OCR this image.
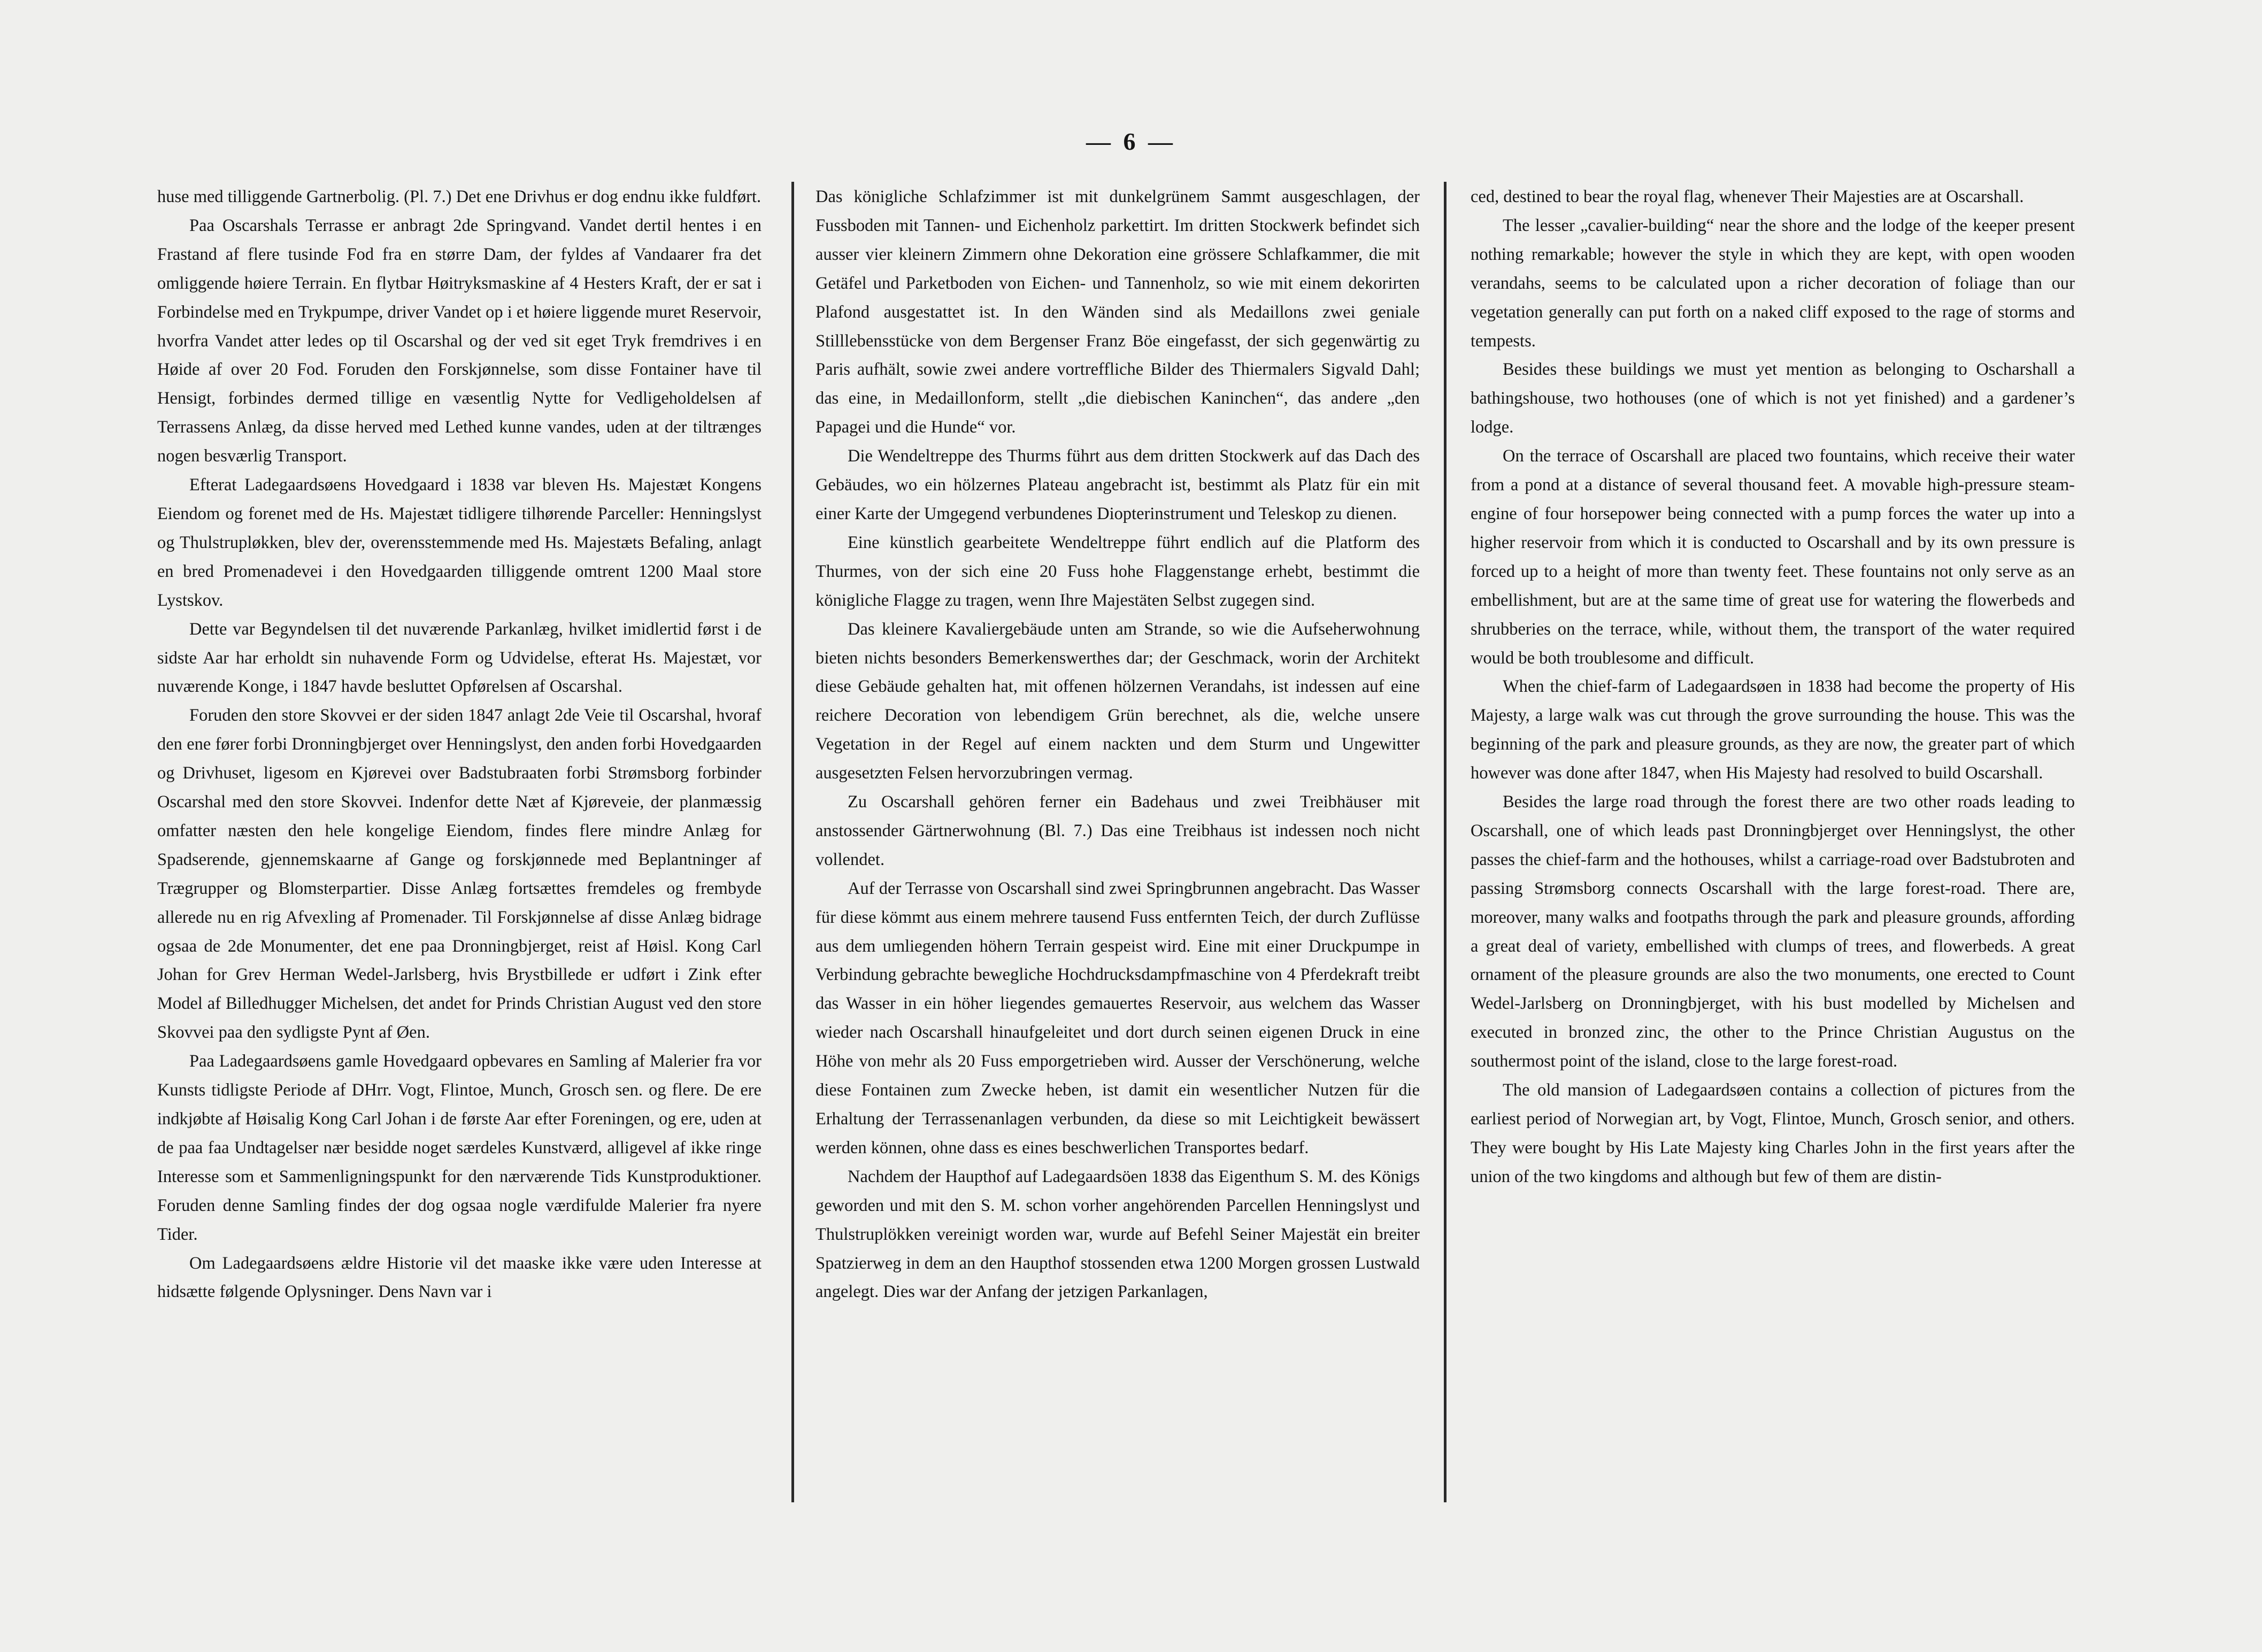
— 6 —

huse med tilliggende Gartnerbolig. (Pl. 7.) Det ene Drivhus er dog endnu ikke fuldført.

Paa Oscarshals Terrasse er anbragt 2de Springvand. Vandet dertil hentes i en Frastand af flere tusinde Fod fra en større Dam, der fyldes af Vandaarer fra det omliggende høiere Terrain. En flytbar Høitryksmaskine af 4 Hesters Kraft, der er sat i Forbindelse med en Trykpumpe, driver Vandet op i et høiere liggende muret Reservoir, hvorfra Vandet atter ledes op til Oscarshal og der ved sit eget Tryk fremdrives i en Høide af over 20 Fod. Foruden den Forskjønnelse, som disse Fontainer have til Hensigt, forbindes dermed tillige en væsentlig Nytte for Vedligeholdelsen af Terrassens Anlæg, da disse herved med Lethed kunne vandes, uden at der tiltrænges nogen besværlig Transport.

Efterat Ladegaardsøens Hovedgaard i 1838 var bleven Hs. Majestæt Kongens Eiendom og forenet med de Hs. Majestæt tidligere tilhørende Parceller: Henningslyst og Thulstrupløkken, blev der, overensstemmende med Hs. Majestæts Befaling, anlagt en bred Promenadevei i den Hovedgaarden tilliggende omtrent 1200 Maal store Lystskov.

Dette var Begyndelsen til det nuværende Parkanlæg, hvilket imidlertid først i de sidste Aar har erholdt sin nuhavende Form og Udvidelse, efterat Hs. Majestæt, vor nuværende Konge, i 1847 havde besluttet Opførelsen af Oscarshal.

Foruden den store Skovvei er der siden 1847 anlagt 2de Veie til Oscarshal, hvoraf den ene fører forbi Dronningbjerget over Henningslyst, den anden forbi Hovedgaarden og Drivhuset, ligesom en Kjørevei over Badstubraaten forbi Strømsborg forbinder Oscarshal med den store Skovvei. Indenfor dette Næt af Kjøreveie, der planmæssig omfatter næsten den hele kongelige Eiendom, findes flere mindre Anlæg for Spadserende, gjennemskaarne af Gange og forskjønnede med Beplantninger af Trægrupper og Blomsterpartier. Disse Anlæg fortsættes fremdeles og frembyde allerede nu en rig Afvexling af Promenader. Til Forskjønnelse af disse Anlæg bidrage ogsaa de 2de Monumenter, det ene paa Dronningbjerget, reist af Høisl. Kong Carl Johan for Grev Herman Wedel-Jarlsberg, hvis Brystbillede er udført i Zink efter Model af Billedhugger Michelsen, det andet for Prinds Christian August ved den store Skovvei paa den sydligste Pynt af Øen.

Paa Ladegaardsøens gamle Hovedgaard opbevares en Samling af Malerier fra vor Kunsts tidligste Periode af DHrr. Vogt, Flintoe, Munch, Grosch sen. og flere. De ere indkjøbte af Høisalig Kong Carl Johan i de første Aar efter Foreningen, og ere, uden at de paa faa Undtagelser nær besidde noget særdeles Kunstværd, alligevel af ikke ringe Interesse som et Sammenligningspunkt for den nærværende Tids Kunstproduktioner. Foruden denne Samling findes der dog ogsaa nogle værdifulde Malerier fra nyere Tider.

Om Ladegaardsøens ældre Historie vil det maaske ikke være uden Interesse at hidsætte følgende Oplysninger. Dens Navn var i

Das königliche Schlafzimmer ist mit dunkelgrünem Sammt ausgeschlagen, der Fussboden mit Tannen- und Eichenholz parkettirt. Im dritten Stockwerk befindet sich ausser vier kleinern Zimmern ohne Dekoration eine grössere Schlafkammer, die mit Getäfel und Parketboden von Eichen- und Tannenholz, so wie mit einem dekorirten Plafond ausgestattet ist. In den Wänden sind als Medaillons zwei geniale Stilllebensstücke von dem Bergenser Franz Böe eingefasst, der sich gegenwärtig zu Paris aufhält, sowie zwei andere vortreffliche Bilder des Thiermalers Sigvald Dahl; das eine, in Medaillonform, stellt „die diebischen Kaninchen“, das andere „den Papagei und die Hunde“ vor.

Die Wendeltreppe des Thurms führt aus dem dritten Stockwerk auf das Dach des Gebäudes, wo ein hölzernes Plateau angebracht ist, bestimmt als Platz für ein mit einer Karte der Umgegend verbundenes Diopterinstrument und Teleskop zu dienen.

Eine künstlich gearbeitete Wendeltreppe führt endlich auf die Platform des Thurmes, von der sich eine 20 Fuss hohe Flaggenstange erhebt, bestimmt die königliche Flagge zu tragen, wenn Ihre Majestäten Selbst zugegen sind.

Das kleinere Kavaliergebäude unten am Strande, so wie die Aufseherwohnung bieten nichts besonders Bemerkenswerthes dar; der Geschmack, worin der Architekt diese Gebäude gehalten hat, mit offenen hölzernen Verandahs, ist indessen auf eine reichere Decoration von lebendigem Grün berechnet, als die, welche unsere Vegetation in der Regel auf einem nackten und dem Sturm und Ungewitter ausgesetzten Felsen hervorzubringen vermag.

Zu Oscarshall gehören ferner ein Badehaus und zwei Treibhäuser mit anstossender Gärtnerwohnung (Bl. 7.) Das eine Treibhaus ist indessen noch nicht vollendet.

Auf der Terrasse von Oscarshall sind zwei Springbrunnen angebracht. Das Wasser für diese kömmt aus einem mehrere tausend Fuss entfernten Teich, der durch Zuflüsse aus dem umliegenden höhern Terrain gespeist wird. Eine mit einer Druckpumpe in Verbindung gebrachte bewegliche Hochdrucksdampfmaschine von 4 Pferdekraft treibt das Wasser in ein höher liegendes gemauertes Reservoir, aus welchem das Wasser wieder nach Oscarshall hinaufgeleitet und dort durch seinen eigenen Druck in eine Höhe von mehr als 20 Fuss emporgetrieben wird. Ausser der Verschönerung, welche diese Fontainen zum Zwecke heben, ist damit ein wesentlicher Nutzen für die Erhaltung der Terrassenanlagen verbunden, da diese so mit Leichtigkeit bewässert werden können, ohne dass es eines beschwerlichen Transportes bedarf.

Nachdem der Haupthof auf Ladegaardsöen 1838 das Eigenthum S. M. des Königs geworden und mit den S. M. schon vorher angehörenden Parcellen Henningslyst und Thulstruplökken vereinigt worden war, wurde auf Befehl Seiner Majestät ein breiter Spatzierweg in dem an den Haupthof stossenden etwa 1200 Morgen grossen Lustwald angelegt. Dies war der Anfang der jetzigen Parkanlagen,

ced, destined to bear the royal flag, whenever Their Majesties are at Oscarshall.

The lesser „cavalier-building“ near the shore and the lodge of the keeper present nothing remarkable; however the style in which they are kept, with open wooden verandahs, seems to be calculated upon a richer decoration of foliage than our vegetation generally can put forth on a naked cliff exposed to the rage of storms and tempests.

Besides these buildings we must yet mention as belonging to Oscharshall a bathingshouse, two hothouses (one of which is not yet finished) and a gardener’s lodge.

On the terrace of Oscarshall are placed two fountains, which receive their water from a pond at a distance of several thousand feet. A movable high-pressure steam-engine of four horsepower being connected with a pump forces the water up into a higher reservoir from which it is conducted to Oscarshall and by its own pressure is forced up to a height of more than twenty feet. These fountains not only serve as an embellishment, but are at the same time of great use for watering the flowerbeds and shrubberies on the terrace, while, without them, the transport of the water required would be both troublesome and difficult.

When the chief-farm of Ladegaardsøen in 1838 had become the property of His Majesty, a large walk was cut through the grove surrounding the house. This was the beginning of the park and pleasure grounds, as they are now, the greater part of which however was done after 1847, when His Majesty had resolved to build Oscarshall.

Besides the large road through the forest there are two other roads leading to Oscarshall, one of which leads past Dronningbjerget over Henningslyst, the other passes the chief-farm and the hothouses, whilst a carriage-road over Badstubroten and passing Strømsborg connects Oscarshall with the large forest-road. There are, moreover, many walks and footpaths through the park and pleasure grounds, affording a great deal of variety, embellished with clumps of trees, and flowerbeds. A great ornament of the pleasure grounds are also the two monuments, one erected to Count Wedel-Jarlsberg on Dronningbjerget, with his bust modelled by Michelsen and executed in bronzed zinc, the other to the Prince Christian Augustus on the southermost point of the island, close to the large forest-road.

The old mansion of Ladegaardsøen contains a collection of pictures from the earliest period of Norwegian art, by Vogt, Flintoe, Munch, Grosch senior, and others. They were bought by His Late Majesty king Charles John in the first years after the union of the two kingdoms and although but few of them are distin-
